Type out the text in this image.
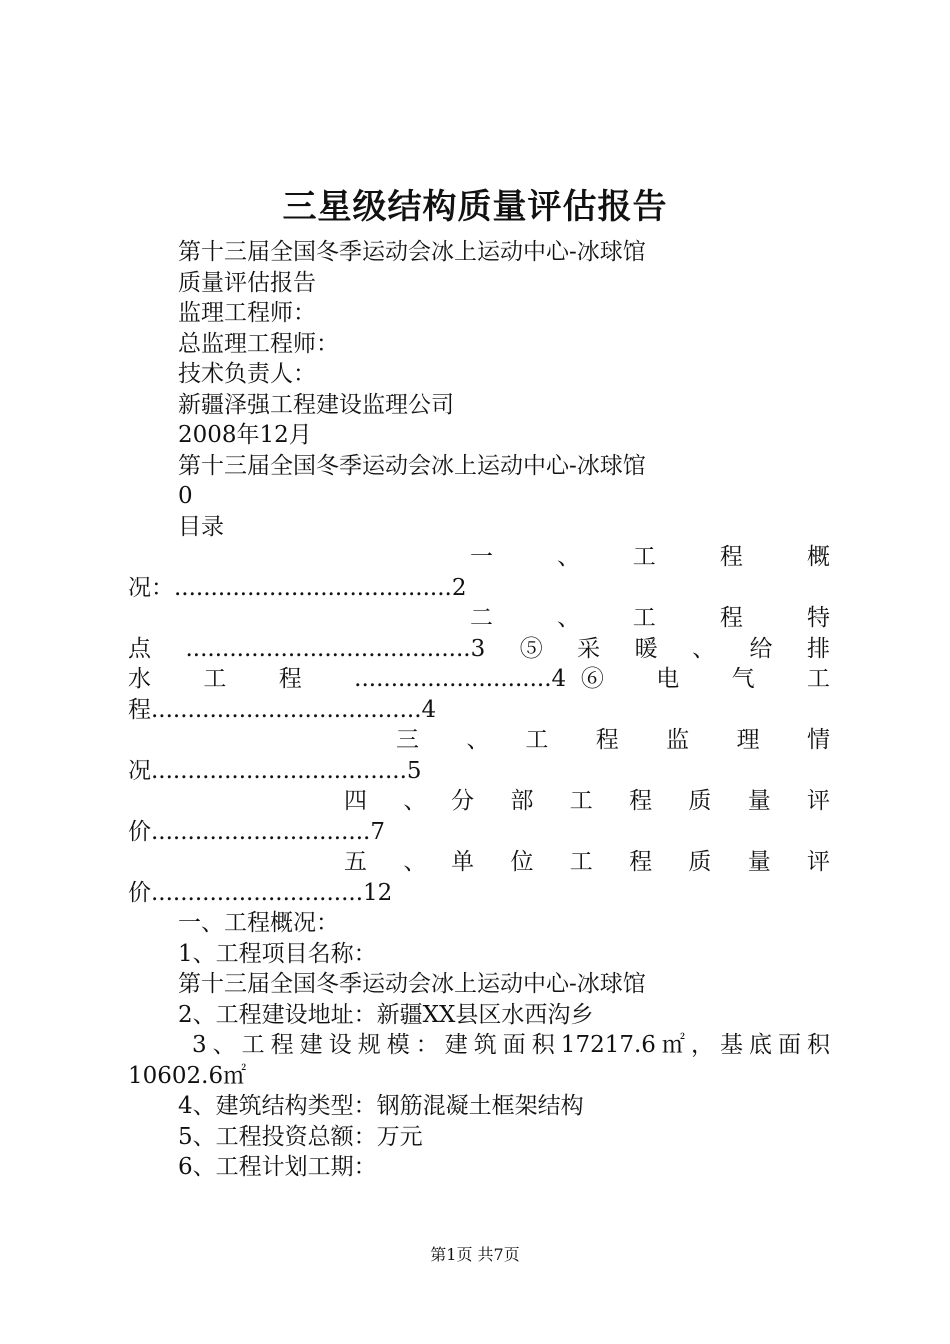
三星级结构质量评估报告
第十三届全国冬季运动会冰上运动中心-冰球馆
质量评估报告
监理工程师：
总监理工程师：
技术负责人：
新疆泽强工程建设监理公司
2008年12月
第十三届全国冬季运动会冰上运动中心-冰球馆
0
目录
一　、　工　程　概
况：......................................2
二　、　工　程　特
点.......................................3⑤采暖、给排
水　工　程　...........................4⑥　电　气　工
程.....................................4
三　、　工　程　监　理　情
况...................................5
四　、　分　部　工　程　质　量　评
价..............................7
五　、　单　位　工　程　质　量　评
价.............................12
一、工程概况：
1、工程项目名称：
第十三届全国冬季运动会冰上运动中心-冰球馆
2、工程建设地址：新疆XX县区水西沟乡
3、工程建设规模：建筑面积17217.6㎡，基底面积
10602.6㎡
4、建筑结构类型：钢筋混凝土框架结构
5、工程投资总额：万元
6、工程计划工期：
第1页 共7页
